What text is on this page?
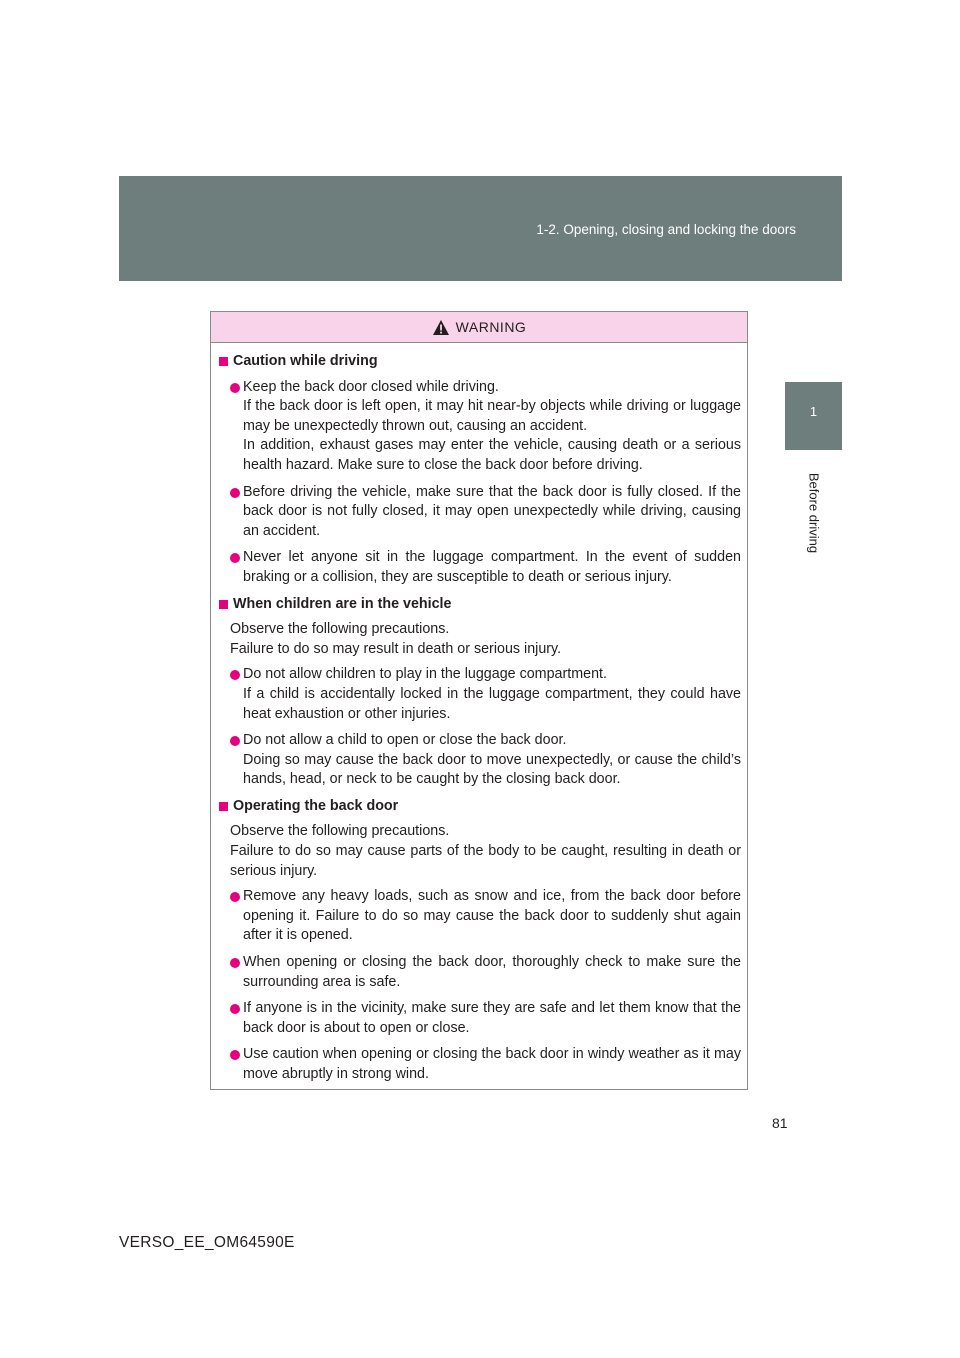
1-2. Opening, closing and locking the doors
1
Before driving
WARNING
Caution while driving
Keep the back door closed while driving.
If the back door is left open, it may hit near-by objects while driving or luggage may be unexpectedly thrown out, causing an accident.
In addition, exhaust gases may enter the vehicle, causing death or a serious health hazard. Make sure to close the back door before driving.
Before driving the vehicle, make sure that the back door is fully closed. If the back door is not fully closed, it may open unexpectedly while driving, causing an accident.
Never let anyone sit in the luggage compartment. In the event of sudden braking or a collision, they are susceptible to death or serious injury.
When children are in the vehicle
Observe the following precautions.
Failure to do so may result in death or serious injury.
Do not allow children to play in the luggage compartment.
If a child is accidentally locked in the luggage compartment, they could have heat exhaustion or other injuries.
Do not allow a child to open or close the back door.
Doing so may cause the back door to move unexpectedly, or cause the child’s hands, head, or neck to be caught by the closing back door.
Operating the back door
Observe the following precautions.
Failure to do so may cause parts of the body to be caught, resulting in death or serious injury.
Remove any heavy loads, such as snow and ice, from the back door before opening it. Failure to do so may cause the back door to suddenly shut again after it is opened.
When opening or closing the back door, thoroughly check to make sure the surrounding area is safe.
If anyone is in the vicinity, make sure they are safe and let them know that the back door is about to open or close.
Use caution when opening or closing the back door in windy weather as it may move abruptly in strong wind.
81
VERSO_EE_OM64590E
